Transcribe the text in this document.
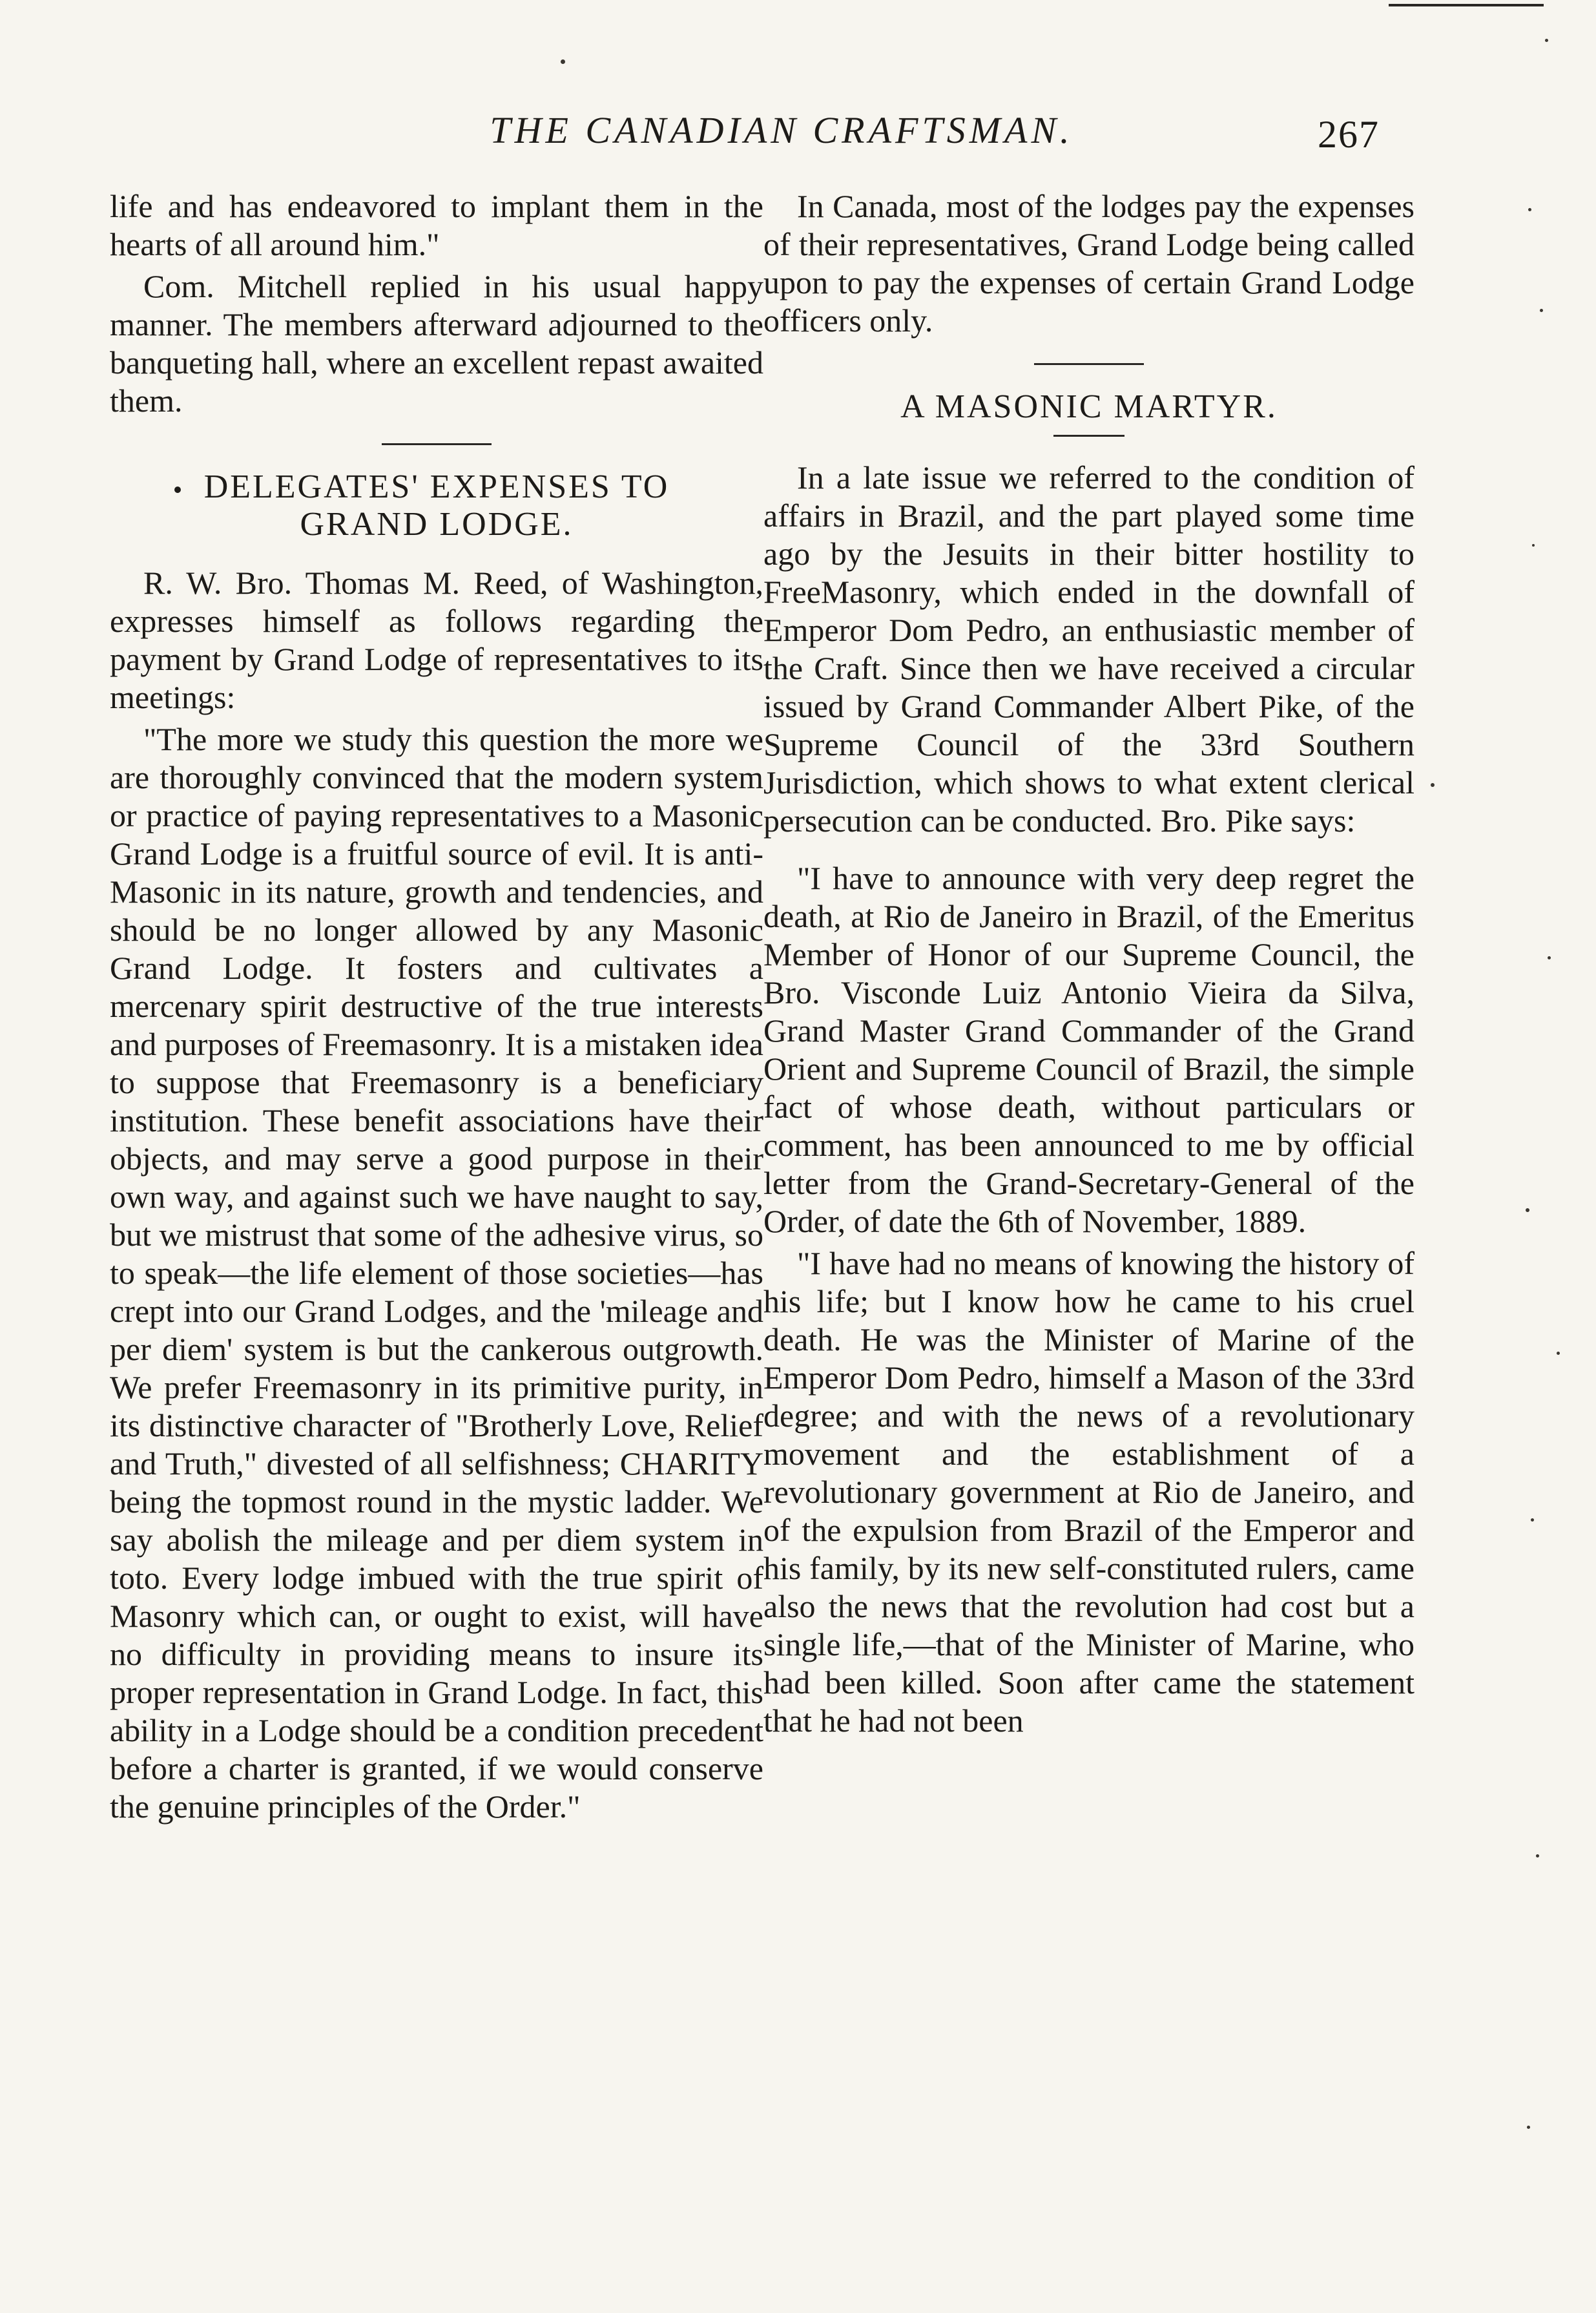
THE CANADIAN CRAFTSMAN.	267

life and has endeavored to implant them in the hearts of all around him."

Com. Mitchell replied in his usual happy manner. The members afterward adjourned to the banqueting hall, where an excellent repast awaited them.

DELEGATES' EXPENSES TO
GRAND LODGE.

R. W. Bro. Thomas M. Reed, of Washington, expresses himself as follows regarding the payment by Grand Lodge of representatives to its meetings:

"The more we study this question the more we are thoroughly convinced that the modern system or practice of paying representatives to a Masonic Grand Lodge is a fruitful source of evil. It is anti-Masonic in its nature, growth and tendencies, and should be no longer allowed by any Masonic Grand Lodge. It fosters and cultivates a mercenary spirit destructive of the true interests and purposes of Freemasonry. It is a mistaken idea to suppose that Freemasonry is a beneficiary institution. These benefit associations have their objects, and may serve a good purpose in their own way, and against such we have naught to say, but we mistrust that some of the adhesive virus, so to speak—the life element of those societies—has crept into our Grand Lodges, and the 'mileage and per diem' system is but the cankerous outgrowth. We prefer Freemasonry in its primitive purity, in its distinctive character of "Brotherly Love, Relief and Truth," divested of all selfishness; CHARITY being the topmost round in the mystic ladder. We say abolish the mileage and per diem system in toto. Every lodge imbued with the true spirit of Masonry which can, or ought to exist, will have no difficulty in providing means to insure its proper representation in Grand Lodge. In fact, this ability in a Lodge should be a condition precedent before a charter is granted, if we would conserve the genuine principles of the Order."

In Canada, most of the lodges pay the expenses of their representatives, Grand Lodge being called upon to pay the expenses of certain Grand Lodge officers only.

A MASONIC MARTYR.

In a late issue we referred to the condition of affairs in Brazil, and the part played some time ago by the Jesuits in their bitter hostility to FreeMasonry, which ended in the downfall of Emperor Dom Pedro, an enthusiastic member of the Craft. Since then we have received a circular issued by Grand Commander Albert Pike, of the Supreme Council of the 33rd Southern Jurisdiction, which shows to what extent clerical persecution can be conducted. Bro. Pike says:

"I have to announce with very deep regret the death, at Rio de Janeiro in Brazil, of the Emeritus Member of Honor of our Supreme Council, the Bro. Visconde Luiz Antonio Vieira da Silva, Grand Master Grand Commander of the Grand Orient and Supreme Council of Brazil, the simple fact of whose death, without particulars or comment, has been announced to me by official letter from the Grand-Secretary-General of the Order, of date the 6th of November, 1889.

"I have had no means of knowing the history of his life; but I know how he came to his cruel death. He was the Minister of Marine of the Emperor Dom Pedro, himself a Mason of the 33rd degree; and with the news of a revolutionary movement and the establishment of a revolutionary government at Rio de Janeiro, and of the expulsion from Brazil of the Emperor and his family, by its new self-constituted rulers, came also the news that the revolution had cost but a single life,—that of the Minister of Marine, who had been killed. Soon after came the statement that he had not been
